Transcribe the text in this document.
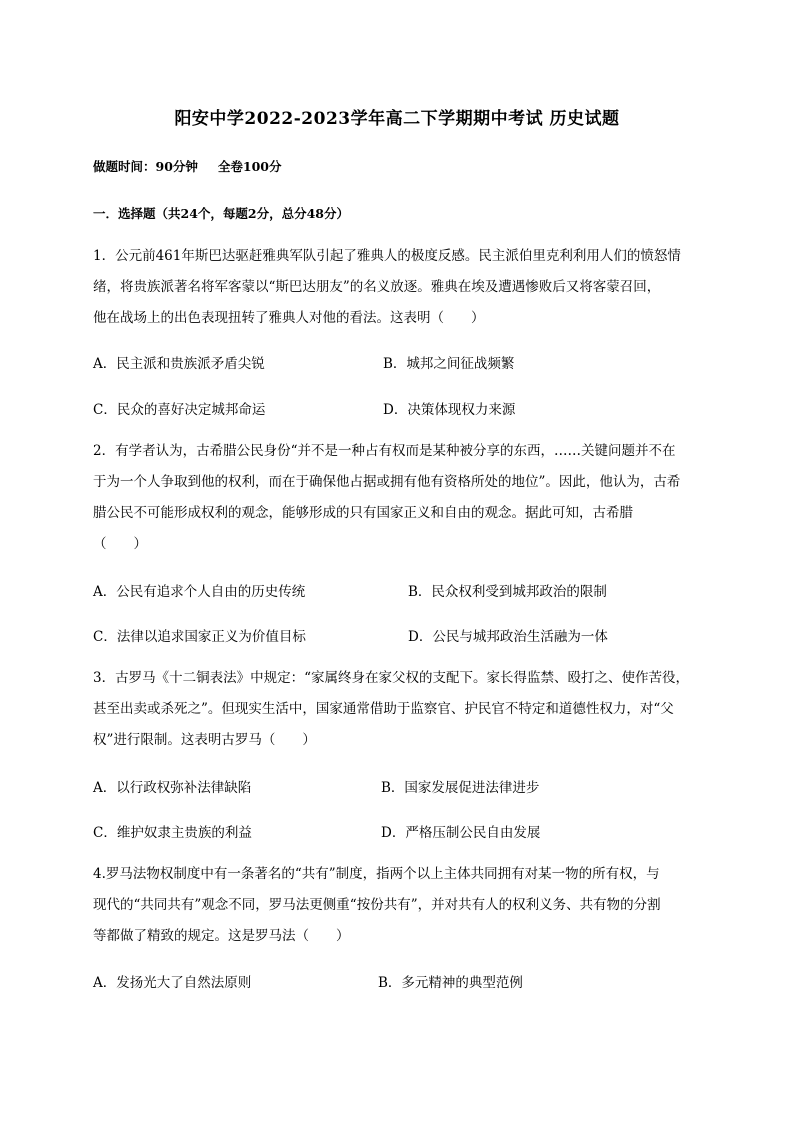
阳安中学2022-2023学年高二下学期期中考试 历史试题
做题时间：90分钟 全卷100分
一．选择题（共24个，每题2分，总分48分）

1．公元前461年斯巴达驱赶雅典军队引起了雅典人的极度反感。民主派伯里克利利用人们的愤怒情

绪，将贵族派著名将军客蒙以“斯巴达朋友”的名义放逐。雅典在埃及遭遇惨败后又将客蒙召回，

他在战场上的出色表现扭转了雅典人对他的看法。这表明（　　）

A．民主派和贵族派矛盾尖锐	B．城邦之间征战频繁
C．民众的喜好决定城邦命运	D．决策体现权力来源

2．有学者认为，古希腊公民身份“并不是一种占有权而是某种被分享的东西，……关键问题并不在

于为一个人争取到他的权利，而在于确保他占据或拥有他有资格所处的地位”。因此，他认为，古希

腊公民不可能形成权利的观念，能够形成的只有国家正义和自由的观念。据此可知，古希腊

（　　）

A．公民有追求个人自由的历史传统	B．民众权利受到城邦政治的限制
C．法律以追求国家正义为价值目标	D．公民与城邦政治生活融为一体

3．古罗马《十二铜表法》中规定：“家属终身在家父权的支配下。家长得监禁、殴打之、使作苦役，

甚至出卖或杀死之”。但现实生活中，国家通常借助于监察官、护民官不特定和道德性权力，对“父

权”进行限制。这表明古罗马（　　）

A．以行政权弥补法律缺陷	B．国家发展促进法律进步
C．维护奴隶主贵族的利益	D．严格压制公民自由发展

4.罗马法物权制度中有一条著名的“共有”制度，指两个以上主体共同拥有对某一物的所有权，与

现代的“共同共有”观念不同，罗马法更侧重“按份共有”，并对共有人的权利义务、共有物的分割

等都做了精致的规定。这是罗马法（　　）

A．发扬光大了自然法原则	B．多元精神的典型范例
